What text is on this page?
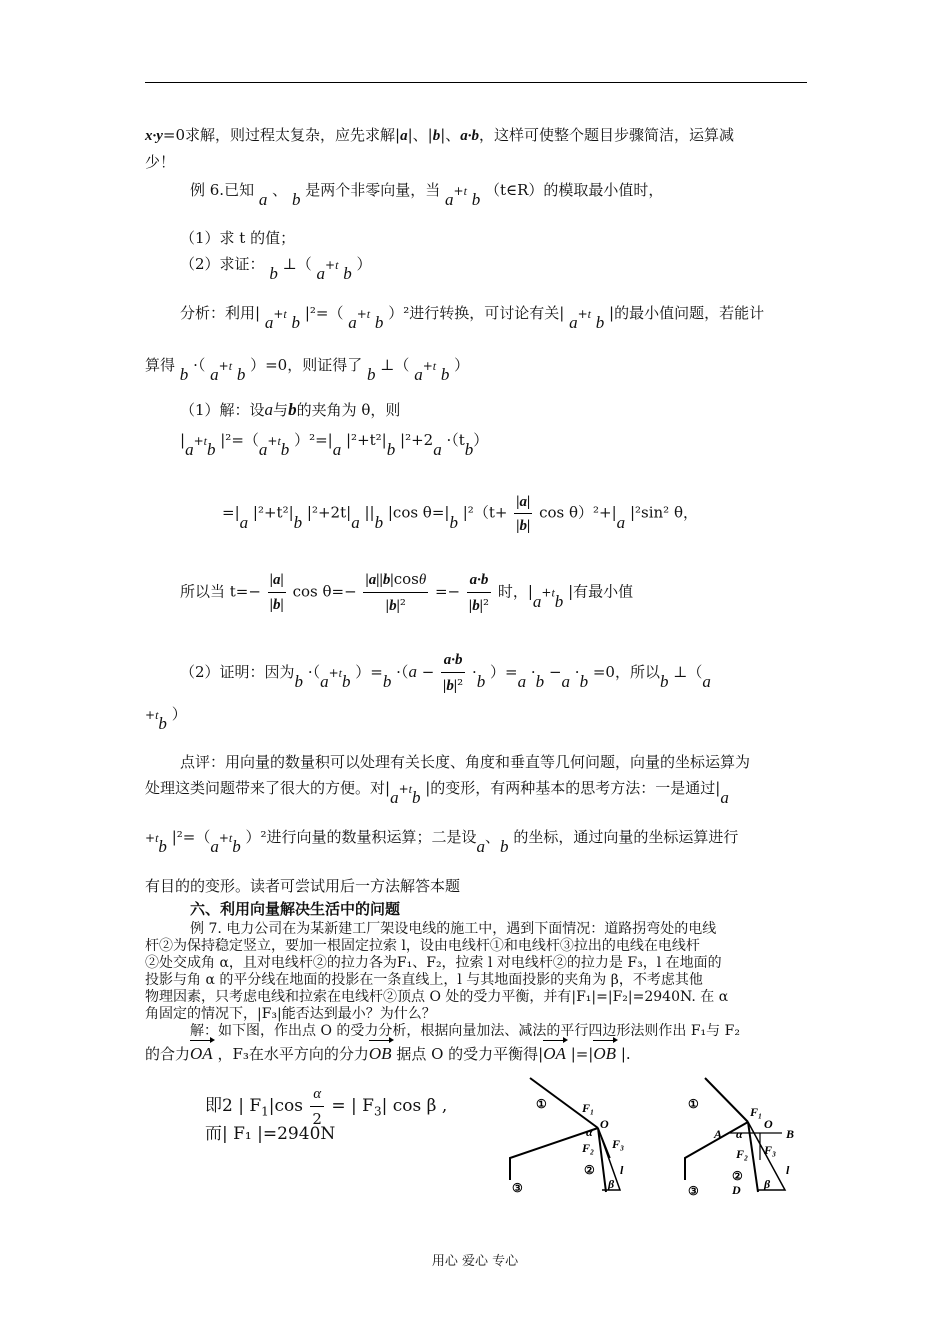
x·y=0求解，则过程太复杂，应先求解|a|、|b|、a·b，这样可使整个题目步骤简洁，运算减
少！
例 6.已知 a 、 b 是两个非零向量，当 a+t b （t∈R）的模取最小值时，
（1）求 t 的值；
（2）求证： b ⊥（ a+t b ）
分析：利用| a+t b |²=（ a+t b ）²进行转换，可讨论有关| a+t b |的最小值问题，若能计
算得 b ·（ a+t b ）=0，则证得了 b ⊥（ a+t b ）
（1）解：设a与b的夹角为 θ，则
|a+tb |²=（a+tb ）²=|a |²+t²|b |²+2a ·（tb）
=|a |²+t²|b |²+2t|a ||b |cos θ=|b $|^2(t+ \frac{|a|}{|b|}$ cos θ）²+|a |²sin² θ，
所以当 $t=- \frac{|a|}{|b|}$ $\cos \theta=- \frac{|a||b|\cos\theta}{\text{|b|²}} =- \frac{a\cdot b}{\text{|b|²}}$ 时，|a+tb |有最小值
（2）证明：因为b ·（a+tb ）$=b \cdot(a - \frac{a\cdot b}{\text{|b|²}} \cdot b$ ）=a ·b −a ·b =0，所以b ⊥（a
+tb ）
点评：用向量的数量积可以处理有关长度、角度和垂直等几何问题，向量的坐标运算为
处理这类问题带来了很大的方便。对|a+tb |的变形，有两种基本的思考方法：一是通过|a
+tb |²=（a+tb ）²进行向量的数量积运算；二是设a、b 的坐标，通过向量的坐标运算进行
有目的的变形。读者可尝试用后一方法解答本题
六、利用向量解决生活中的问题
例 7. 电力公司在为某新建工厂架设电线的施工中，遇到下面情况：道路拐弯处的电线
杆②为保持稳定竖立，要加一根固定拉索 l，设由电线杆①和电线杆③拉出的电线在电线杆
②处交成角 α，且对电线杆②的拉力各为F₁、F₂，拉索 l 对电线杆②的拉力是 F₃，l 在地面的
投影与角 α 的平分线在地面的投影在一条直线上，l 与其地面投影的夹角为 β，不考虑其他
物理因素，只考虑电线和拉索在电线杆②顶点 O 处的受力平衡，并有|F₁|=|F₂|=2940N. 在 α
角固定的情况下，|F₃|能否达到最小？为什么？
解：如下图，作出点 O 的受力分析，根据向量加法、减法的平行四边形法则作出 F₁与 F₂
的合力OA ，F₃在水平方向的分力OB 据点 O 的受力平衡得|OA |=|OB |.
即2 | $F_1|\cos \frac{\alpha}{2}$ = | $F_3|$ cos β ,
而| F₁ |=2940N
①	F₁
O
α
F₃
F₂
② l
β
③
①
F₁
A α
O
B
F₃
F₂
②	l
D β
③
用心 爱心 专心
